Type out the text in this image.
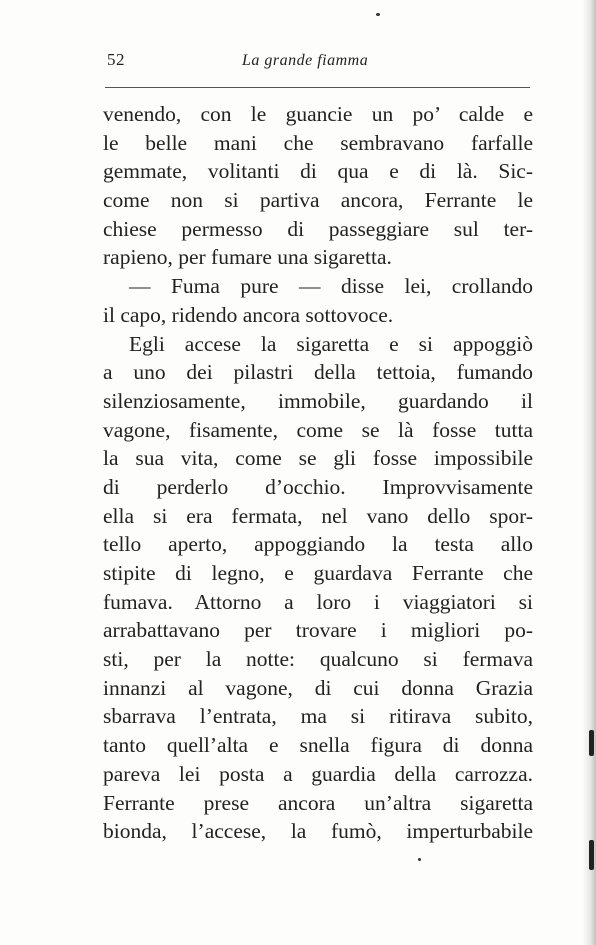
52	La grande fiamma
venendo, con le guancie un po’ calde e
le belle mani che sembravano farfalle
gemmate, volitanti di qua e di là. Sic-
come non si partiva ancora, Ferrante le
chiese permesso di passeggiare sul ter-
rapieno, per fumare una sigaretta.
— Fuma pure — disse lei, crollando
il capo, ridendo ancora sottovoce.
Egli accese la sigaretta e si appoggiò
a uno dei pilastri della tettoia, fumando
silenziosamente, immobile, guardando il
vagone, fisamente, come se là fosse tutta
la sua vita, come se gli fosse impossibile
di perderlo d’occhio. Improvvisamente
ella si era fermata, nel vano dello spor-
tello aperto, appoggiando la testa allo
stipite di legno, e guardava Ferrante che
fumava. Attorno a loro i viaggiatori si
arrabattavano per trovare i migliori po-
sti, per la notte: qualcuno si fermava
innanzi al vagone, di cui donna Grazia
sbarrava l’entrata, ma si ritirava subito,
tanto quell’alta e snella figura di donna
pareva lei posta a guardia della carrozza.
Ferrante prese ancora un’altra sigaretta
bionda, l’accese, la fumò, imperturbabile
